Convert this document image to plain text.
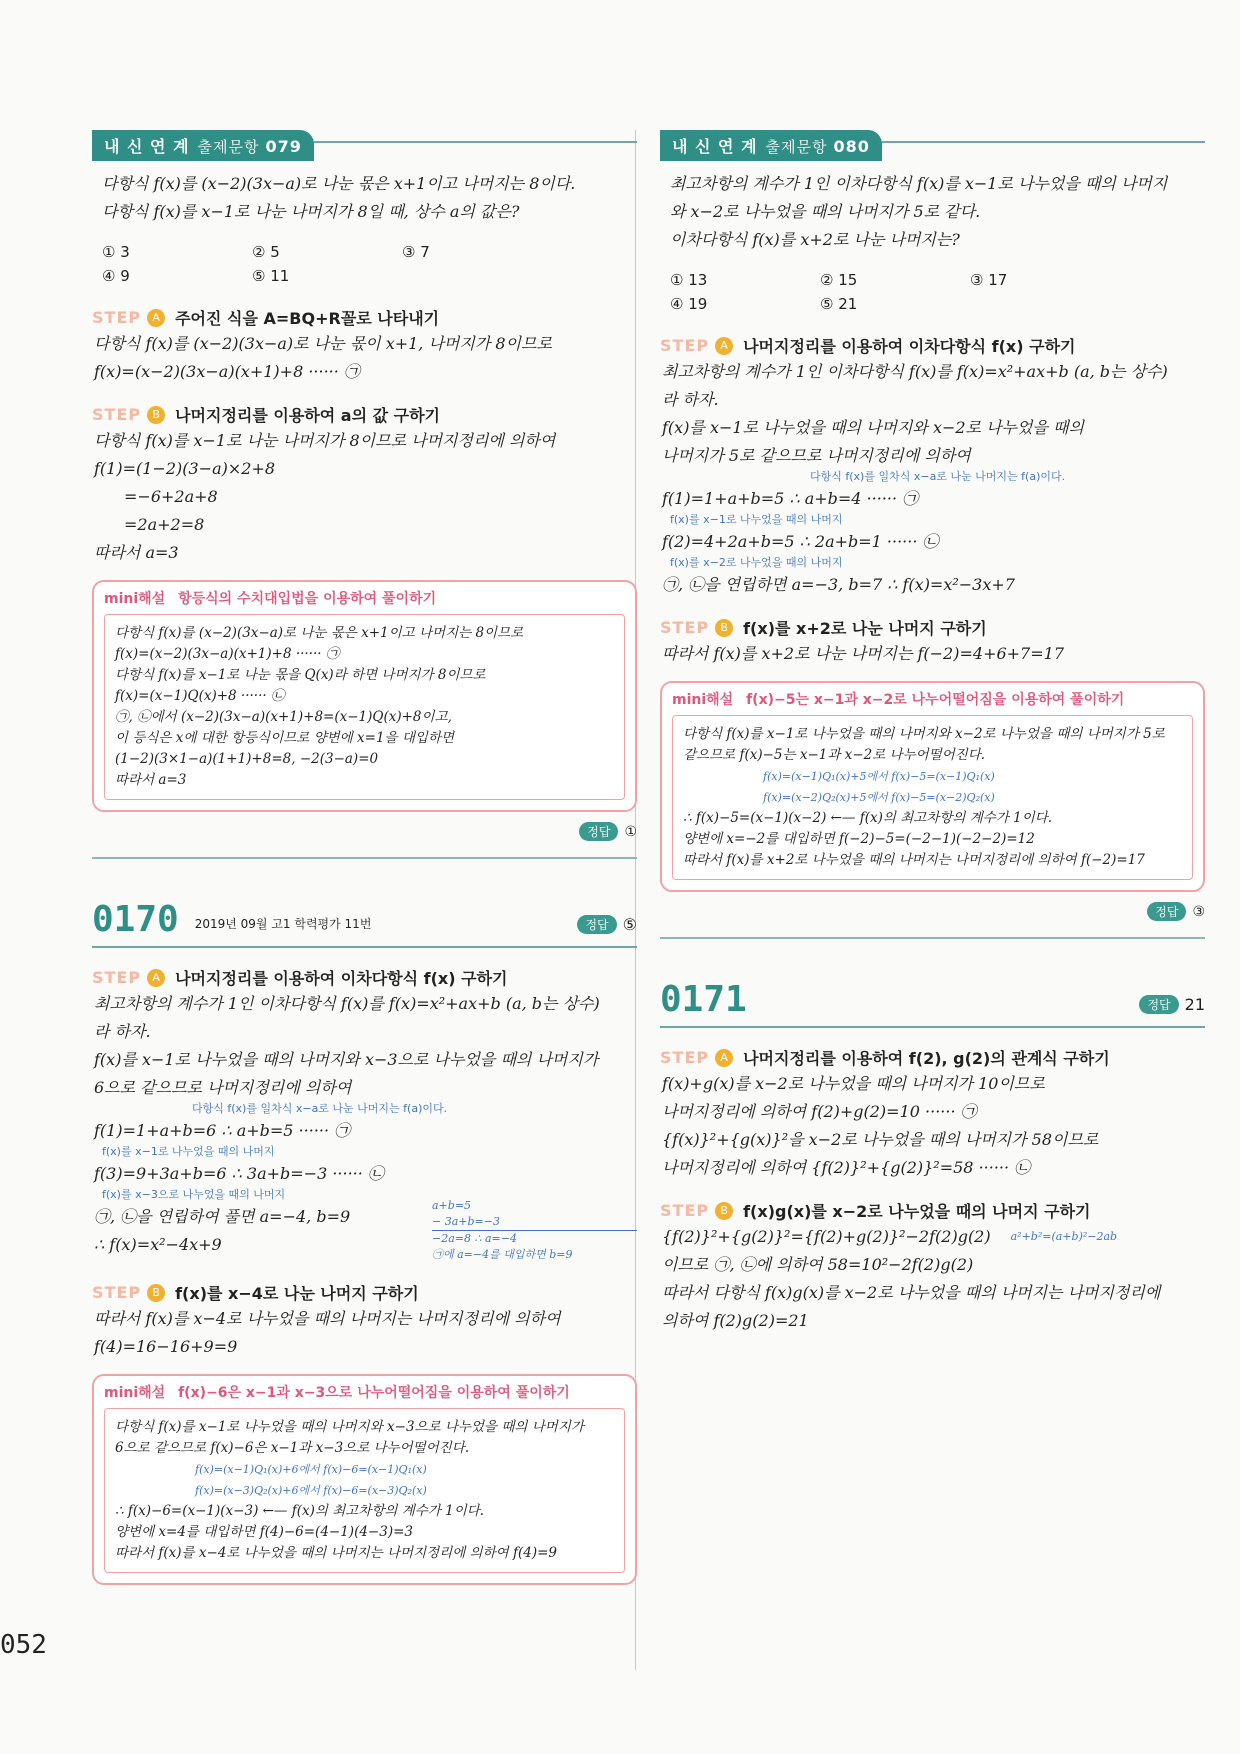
내 신 연 계 출제문항 079
다항식 f(x)를 (x−2)(3x−a)로 나눈 몫은 x+1이고 나머지는 8이다.
다항식 f(x)를 x−1로 나눈 나머지가 8일 때, 상수 a의 값은?
① 3	② 5	③ 7
④ 9	⑤ 11
STEP	A 주어진 식을 A=BQ+R꼴로 나타내기
다항식 f(x)를 (x−2)(3x−a)로 나눈 몫이 x+1, 나머지가 8이므로
f(x)=(x−2)(3x−a)(x+1)+8 ······ ㉠
STEP	B 나머지정리를 이용하여 a의 값 구하기
다항식 f(x)를 x−1로 나눈 나머지가 8이므로 나머지정리에 의하여
f(1)=(1−2)(3−a)×2+8
=−6+2a+8
=2a+2=8
따라서 a=3
mini해설 항등식의 수치대입법을 이용하여 풀이하기
다항식 f(x)를 (x−2)(3x−a)로 나눈 몫은 x+1이고 나머지는 8이므로
f(x)=(x−2)(3x−a)(x+1)+8 ······ ㉠
다항식 f(x)를 x−1로 나눈 몫을 Q(x)라 하면 나머지가 8이므로
f(x)=(x−1)Q(x)+8 ······ ㉡
㉠, ㉡에서 (x−2)(3x−a)(x+1)+8=(x−1)Q(x)+8이고,
이 등식은 x에 대한 항등식이므로 양변에 x=1을 대입하면
(1−2)(3×1−a)(1+1)+8=8, −2(3−a)=0
따라서 a=3
정답	①
0170 2019년 09월 고1 학력평가 11번	정답 ⑤
STEP	A 나머지정리를 이용하여 이차다항식 f(x) 구하기
최고차항의 계수가 1인 이차다항식 f(x)를 f(x)=x²+ax+b (a, b는 상수)
라 하자.
f(x)를 x−1로 나누었을 때의 나머지와 x−3으로 나누었을 때의 나머지가
6으로 같으므로 나머지정리에 의하여
다항식 f(x)를 일차식 x−a로 나눈 나머지는 f(a)이다.
f(1)=1+a+b=6 ∴ a+b=5 ······ ㉠
f(x)를 x−1로 나누었을 때의 나머지
f(3)=9+3a+b=6 ∴ 3a+b=−3 ······ ㉡
f(x)를 x−3으로 나누었을 때의 나머지
㉠, ㉡을 연립하여 풀면 a=−4, b=9
∴ f(x)=x²−4x+9
a+b=5
− 3a+b=−3
−2a=8 ∴ a=−4
㉠에 a=−4를 대입하면 b=9
STEP	B f(x)를 x−4로 나눈 나머지 구하기
따라서 f(x)를 x−4로 나누었을 때의 나머지는 나머지정리에 의하여
f(4)=16−16+9=9
mini해설 f(x)−6은 x−1과 x−3으로 나누어떨어짐을 이용하여 풀이하기
다항식 f(x)를 x−1로 나누었을 때의 나머지와 x−3으로 나누었을 때의 나머지가
6으로 같으므로 f(x)−6은 x−1과 x−3으로 나누어떨어진다.
f(x)=(x−1)Q₁(x)+6에서 f(x)−6=(x−1)Q₁(x)
f(x)=(x−3)Q₂(x)+6에서 f(x)−6=(x−3)Q₂(x)
∴ f(x)−6=(x−1)(x−3) ←— f(x)의 최고차항의 계수가 1이다.
양변에 x=4를 대입하면 f(4)−6=(4−1)(4−3)=3
따라서 f(x)를 x−4로 나누었을 때의 나머지는 나머지정리에 의하여 f(4)=9
내 신 연 계 출제문항 080
최고차항의 계수가 1인 이차다항식 f(x)를 x−1로 나누었을 때의 나머지
와 x−2로 나누었을 때의 나머지가 5로 같다.
이차다항식 f(x)를 x+2로 나눈 나머지는?
① 13	② 15	③ 17
④ 19	⑤ 21
STEP	A 나머지정리를 이용하여 이차다항식 f(x) 구하기
최고차항의 계수가 1인 이차다항식 f(x)를 f(x)=x²+ax+b (a, b는 상수)
라 하자.
f(x)를 x−1로 나누었을 때의 나머지와 x−2로 나누었을 때의
나머지가 5로 같으므로 나머지정리에 의하여
다항식 f(x)를 일차식 x−a로 나눈 나머지는 f(a)이다.
f(1)=1+a+b=5 ∴ a+b=4 ······ ㉠
f(x)를 x−1로 나누었을 때의 나머지
f(2)=4+2a+b=5 ∴ 2a+b=1 ······ ㉡
f(x)를 x−2로 나누었을 때의 나머지
㉠, ㉡을 연립하면 a=−3, b=7 ∴ f(x)=x²−3x+7
STEP	B f(x)를 x+2로 나눈 나머지 구하기
따라서 f(x)를 x+2로 나눈 나머지는 f(−2)=4+6+7=17
mini해설 f(x)−5는 x−1과 x−2로 나누어떨어짐을 이용하여 풀이하기
다항식 f(x)를 x−1로 나누었을 때의 나머지와 x−2로 나누었을 때의 나머지가 5로
같으므로 f(x)−5는 x−1과 x−2로 나누어떨어진다.
f(x)=(x−1)Q₁(x)+5에서 f(x)−5=(x−1)Q₁(x)
f(x)=(x−2)Q₂(x)+5에서 f(x)−5=(x−2)Q₂(x)
∴ f(x)−5=(x−1)(x−2) ←— f(x)의 최고차항의 계수가 1이다.
양변에 x=−2를 대입하면 f(−2)−5=(−2−1)(−2−2)=12
따라서 f(x)를 x+2로 나누었을 때의 나머지는 나머지정리에 의하여 f(−2)=17
정답	③
0171	정답 21
STEP	A 나머지정리를 이용하여 f(2), g(2)의 관계식 구하기
f(x)+g(x)를 x−2로 나누었을 때의 나머지가 10이므로
나머지정리에 의하여 f(2)+g(2)=10 ······ ㉠
{f(x)}²+{g(x)}²을 x−2로 나누었을 때의 나머지가 58이므로
나머지정리에 의하여 {f(2)}²+{g(2)}²=58 ······ ㉡
STEP	B f(x)g(x)를 x−2로 나누었을 때의 나머지 구하기
{f(2)}²+{g(2)}²={f(2)+g(2)}²−2f(2)g(2) a²+b²=(a+b)²−2ab
이므로 ㉠, ㉡에 의하여 58=10²−2f(2)g(2)
따라서 다항식 f(x)g(x)를 x−2로 나누었을 때의 나머지는 나머지정리에
의하여 f(2)g(2)=21
052
